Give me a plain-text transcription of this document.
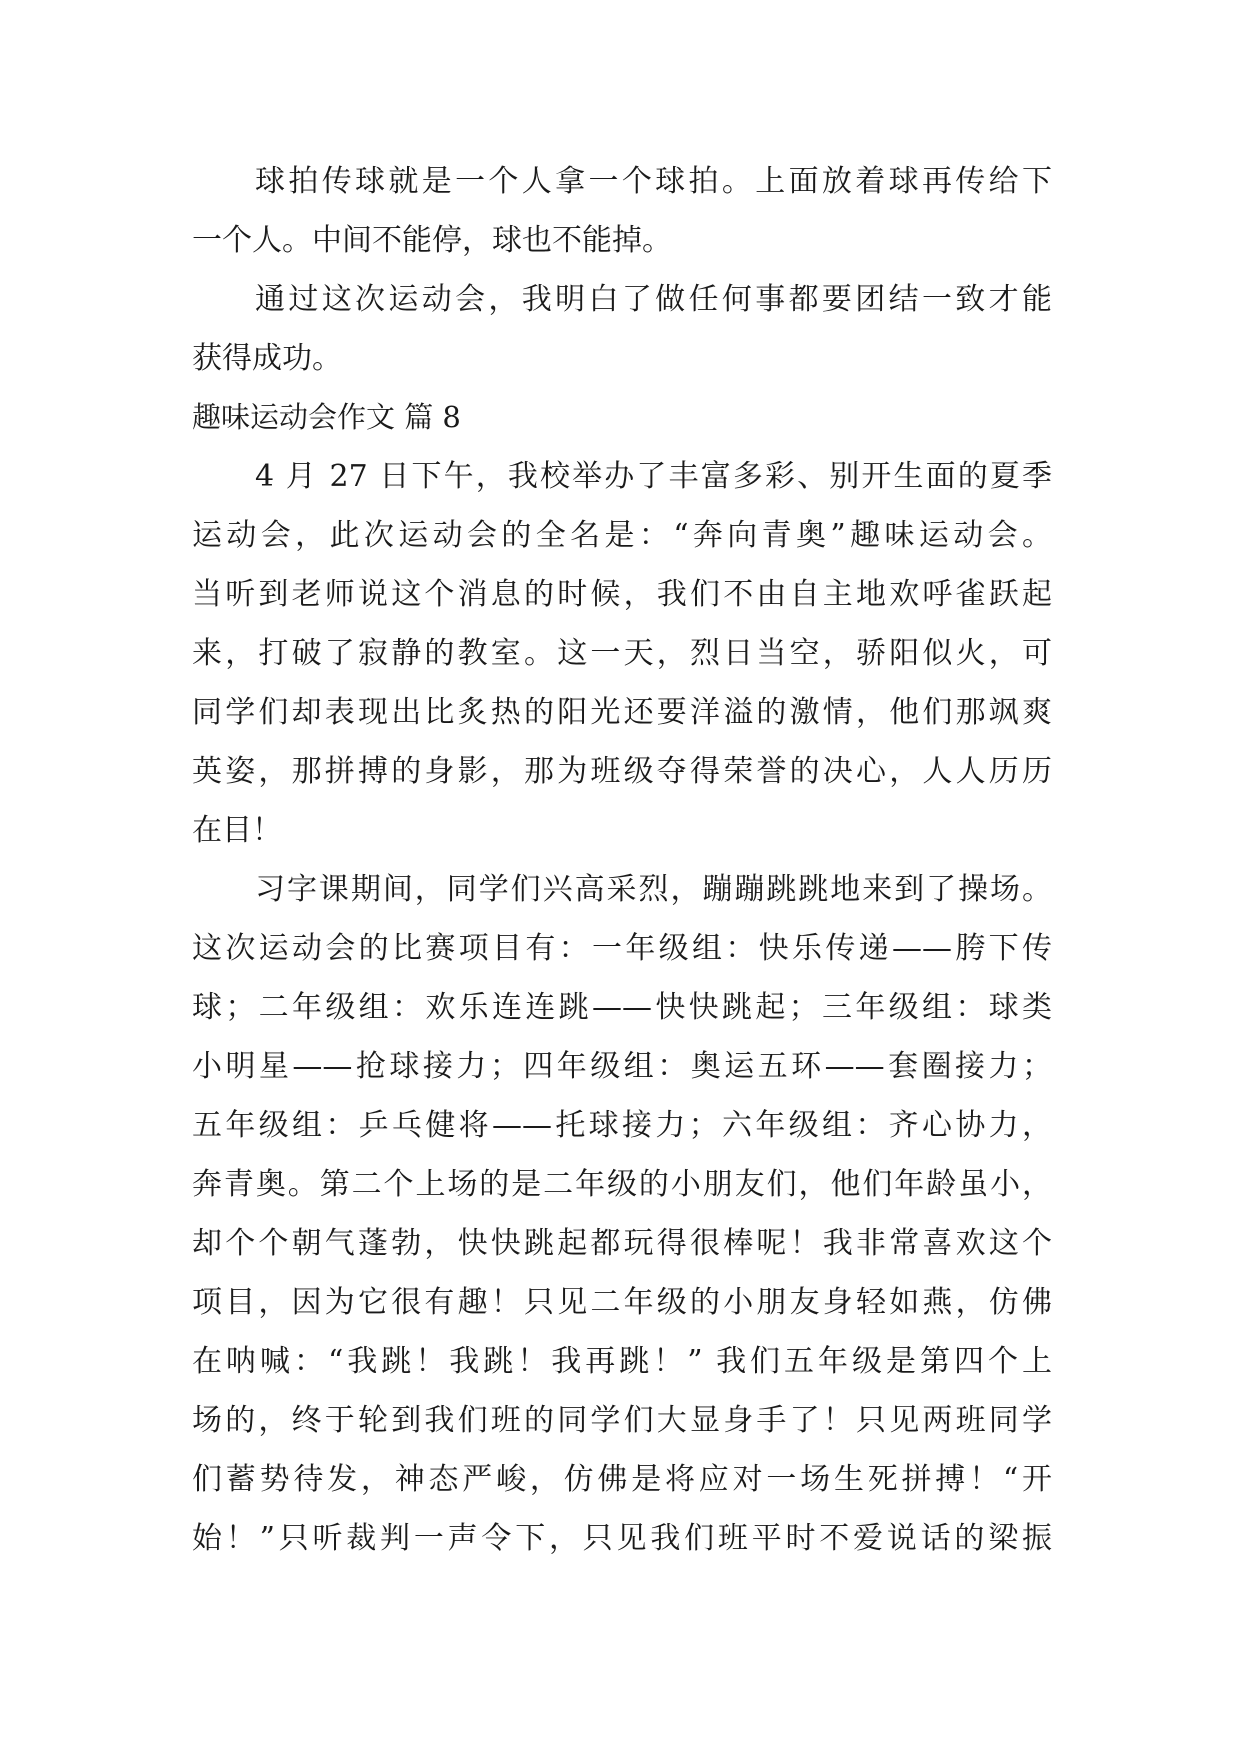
球拍传球就是一个人拿一个球拍。上面放着球再传给下
一个人。中间不能停，球也不能掉。
通过这次运动会，我明白了做任何事都要团结一致才能
获得成功。
趣味运动会作文 篇 8
4 月 27 日下午，我校举办了丰富多彩、别开生面的夏季
运动会，此次运动会的全名是：“奔向青奥”趣味运动会。
当听到老师说这个消息的时候，我们不由自主地欢呼雀跃起
来，打破了寂静的教室。这一天，烈日当空，骄阳似火，可
同学们却表现出比炙热的阳光还要洋溢的激情，他们那飒爽
英姿，那拼搏的身影，那为班级夺得荣誉的决心，人人历历
在目！
习字课期间，同学们兴高采烈，蹦蹦跳跳地来到了操场。
这次运动会的比赛项目有：一年级组：快乐传递——胯下传
球；二年级组：欢乐连连跳——快快跳起；三年级组：球类
小明星——抢球接力；四年级组：奥运五环——套圈接力；
五年级组：乒乓健将——托球接力；六年级组：齐心协力，
奔青奥。第二个上场的是二年级的小朋友们，他们年龄虽小，
却个个朝气蓬勃，快快跳起都玩得很棒呢！我非常喜欢这个
项目，因为它很有趣！只见二年级的小朋友身轻如燕，仿佛
在呐喊：“我跳！我跳！我再跳！” 我们五年级是第四个上
场的，终于轮到我们班的同学们大显身手了！只见两班同学
们蓄势待发，神态严峻，仿佛是将应对一场生死拼搏！“开
始！”只听裁判一声令下，只见我们班平时不爱说话的梁振
